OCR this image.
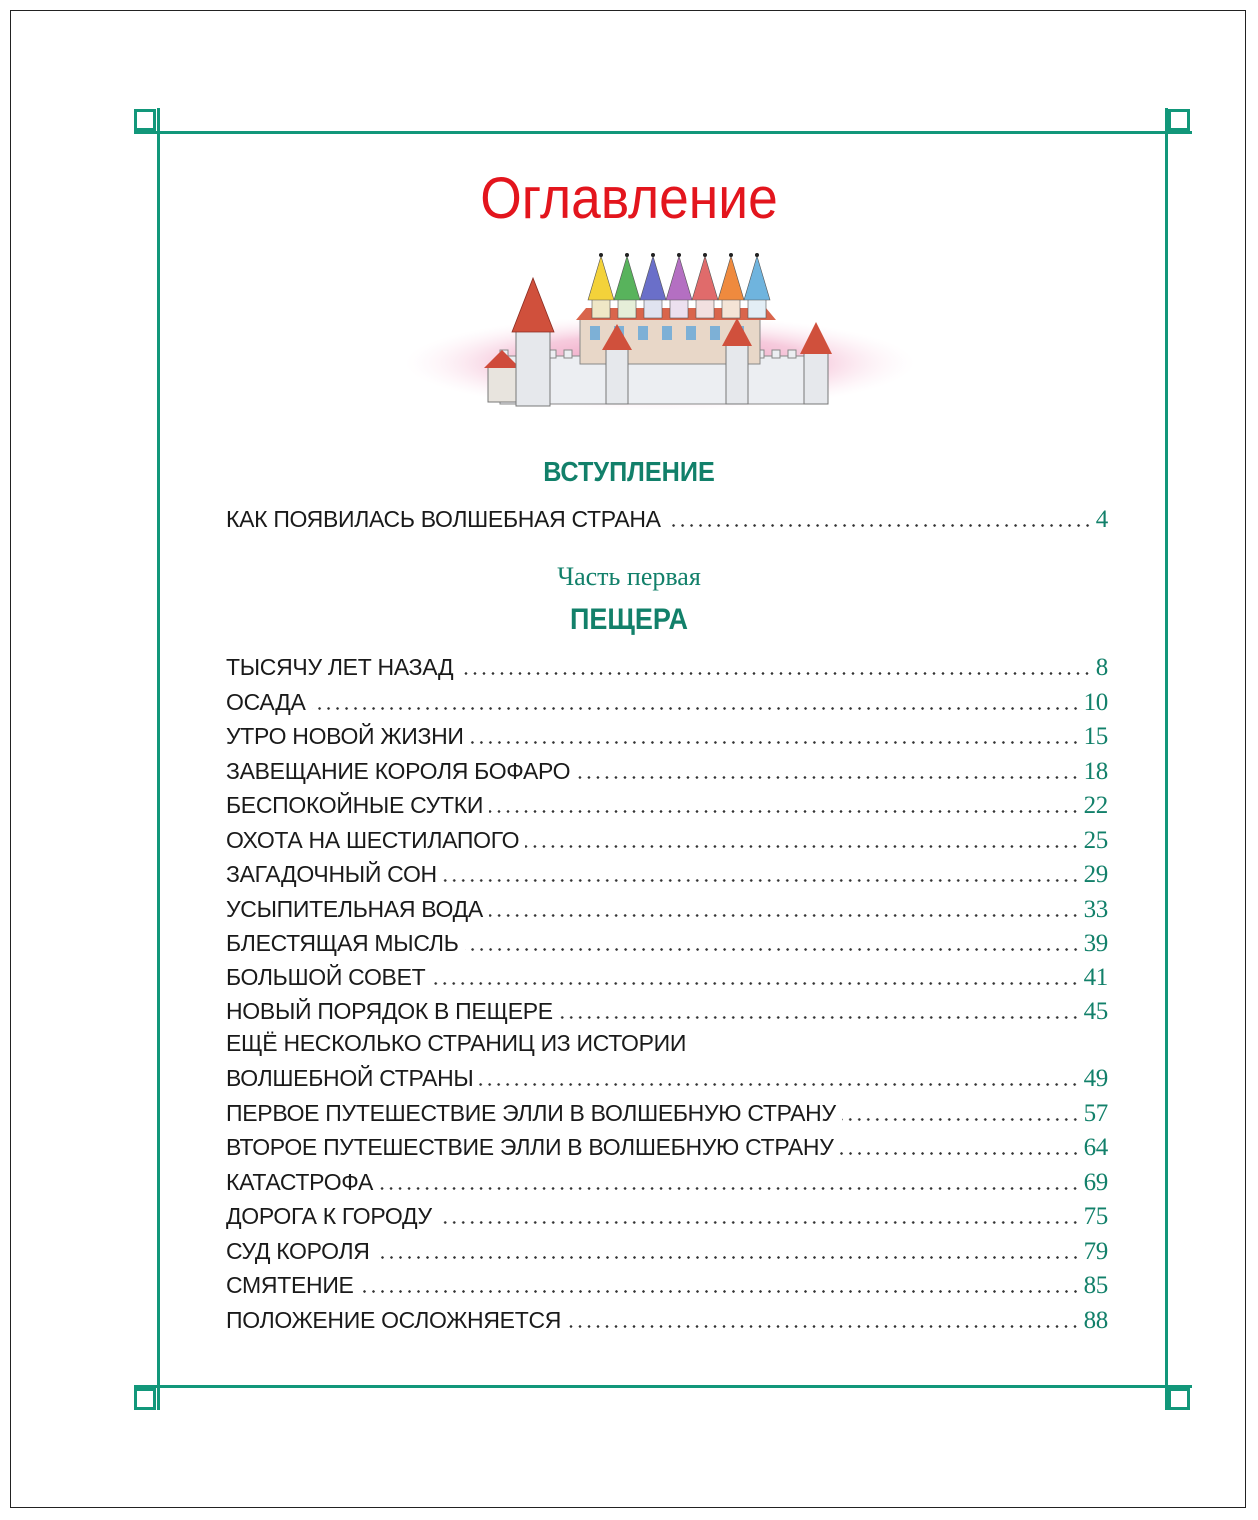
Оглавление
ВСТУПЛЕНИЕ
КАК ПОЯВИЛАСЬ ВОЛШЕБНАЯ СТРАНА	4
Часть первая
ПЕЩЕРА
ТЫСЯЧУ ЛЕТ НАЗАД	8
ОСАДА	10
УТРО НОВОЙ ЖИЗНИ	15
ЗАВЕЩАНИЕ КОРОЛЯ БОФАРО	18
БЕСПОКОЙНЫЕ СУТКИ	22
ОХОТА НА ШЕСТИЛАПОГО	25
ЗАГАДОЧНЫЙ СОН	29
УСЫПИТЕЛЬНАЯ ВОДА	33
БЛЕСТЯЩАЯ МЫСЛЬ	39
БОЛЬШОЙ СОВЕТ	41
НОВЫЙ ПОРЯДОК В ПЕЩЕРЕ	45
ЕЩЁ НЕСКОЛЬКО СТРАНИЦ ИЗ ИСТОРИИ
ВОЛШЕБНОЙ СТРАНЫ	49
ПЕРВОЕ ПУТЕШЕСТВИЕ ЭЛЛИ В ВОЛШЕБНУЮ СТРАНУ	57
ВТОРОЕ ПУТЕШЕСТВИЕ ЭЛЛИ В ВОЛШЕБНУЮ СТРАНУ	64
КАТАСТРОФА	69
ДОРОГА К ГОРОДУ	75
СУД КОРОЛЯ	79
СМЯТЕНИЕ	85
ПОЛОЖЕНИЕ ОСЛОЖНЯЕТСЯ	88
